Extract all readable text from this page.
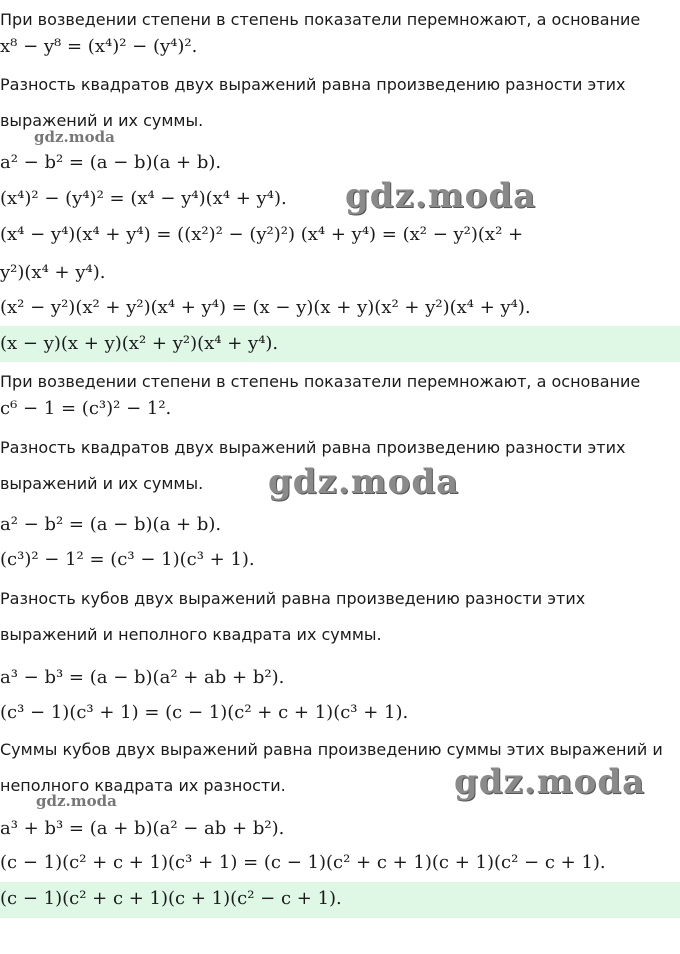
При возведении степени в степень показатели перемножают, а основание
x⁸ − y⁸ = (x⁴)² − (y⁴)².
Разность квадратов двух выражений равна произведению разности этих
выражений и их суммы.
a² − b² = (a − b)(a + b).
(x⁴)² − (y⁴)² = (x⁴ − y⁴)(x⁴ + y⁴).
(x⁴ − y⁴)(x⁴ + y⁴) = ((x²)² − (y²)²) (x⁴ + y⁴) = (x² − y²)(x² +
y²)(x⁴ + y⁴).
(x² − y²)(x² + y²)(x⁴ + y⁴) = (x − y)(x + y)(x² + y²)(x⁴ + y⁴).
(x − y)(x + y)(x² + y²)(x⁴ + y⁴).
При возведении степени в степень показатели перемножают, а основание
c⁶ − 1 = (c³)² − 1².
Разность квадратов двух выражений равна произведению разности этих
выражений и их суммы.
a² − b² = (a − b)(a + b).
(c³)² − 1² = (c³ − 1)(c³ + 1).
Разность кубов двух выражений равна произведению разности этих
выражений и неполного квадрата их суммы.
a³ − b³ = (a − b)(a² + ab + b²).
(c³ − 1)(c³ + 1) = (c − 1)(c² + c + 1)(c³ + 1).
Суммы кубов двух выражений равна произведению суммы этих выражений и
неполного квадрата их разности.
a³ + b³ = (a + b)(a² − ab + b²).
(c − 1)(c² + c + 1)(c³ + 1) = (c − 1)(c² + c + 1)(c + 1)(c² − c + 1).
(c − 1)(c² + c + 1)(c + 1)(c² − c + 1).
gdz.moda
gdz.moda
gdz.moda
gdz.moda
gdz.moda
